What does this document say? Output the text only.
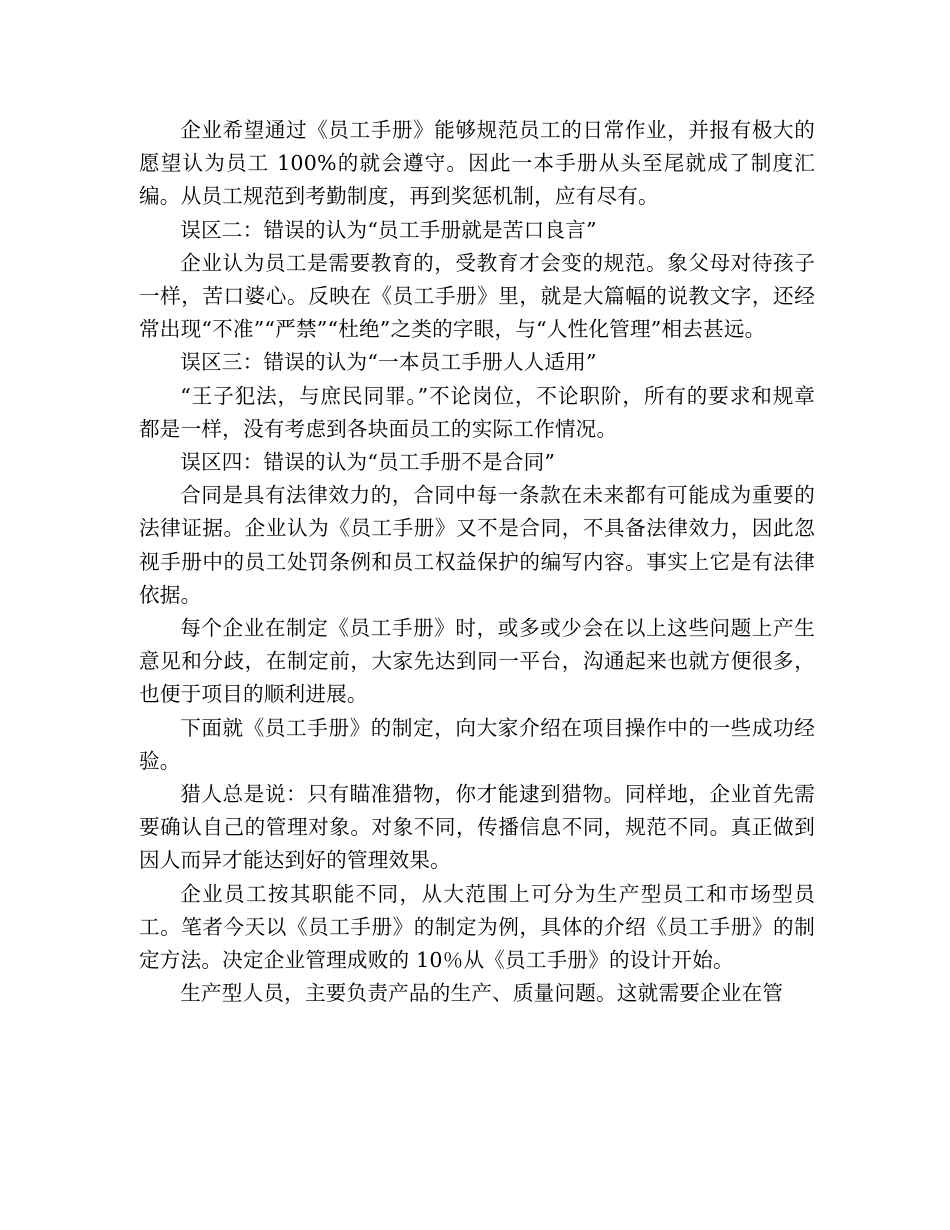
企业希望通过《员工手册》能够规范员工的日常作业，并报有极大的愿望认为员工 100%的就会遵守。因此一本手册从头至尾就成了制度汇编。从员工规范到考勤制度，再到奖惩机制，应有尽有。

误区二：错误的认为“员工手册就是苦口良言”

企业认为员工是需要教育的，受教育才会变的规范。象父母对待孩子一样，苦口婆心。反映在《员工手册》里，就是大篇幅的说教文字，还经常出现“不准”“严禁”“杜绝”之类的字眼，与“人性化管理”相去甚远。

误区三：错误的认为“一本员工手册人人适用”

“王子犯法，与庶民同罪。”不论岗位，不论职阶，所有的要求和规章都是一样，没有考虑到各块面员工的实际工作情况。

误区四：错误的认为“员工手册不是合同”

合同是具有法律效力的，合同中每一条款在未来都有可能成为重要的法律证据。企业认为《员工手册》又不是合同，不具备法律效力，因此忽视手册中的员工处罚条例和员工权益保护的编写内容。事实上它是有法律依据。

每个企业在制定《员工手册》时，或多或少会在以上这些问题上产生意见和分歧，在制定前，大家先达到同一平台，沟通起来也就方便很多，也便于项目的顺利进展。

下面就《员工手册》的制定，向大家介绍在项目操作中的一些成功经验。

猎人总是说：只有瞄准猎物，你才能逮到猎物。同样地，企业首先需要确认自己的管理对象。对象不同，传播信息不同，规范不同。真正做到因人而异才能达到好的管理效果。

企业员工按其职能不同，从大范围上可分为生产型员工和市场型员工。笔者今天以《员工手册》的制定为例，具体的介绍《员工手册》的制定方法。决定企业管理成败的 10％从《员工手册》的设计开始。

生产型人员，主要负责产品的生产、质量问题。这就需要企业在管
